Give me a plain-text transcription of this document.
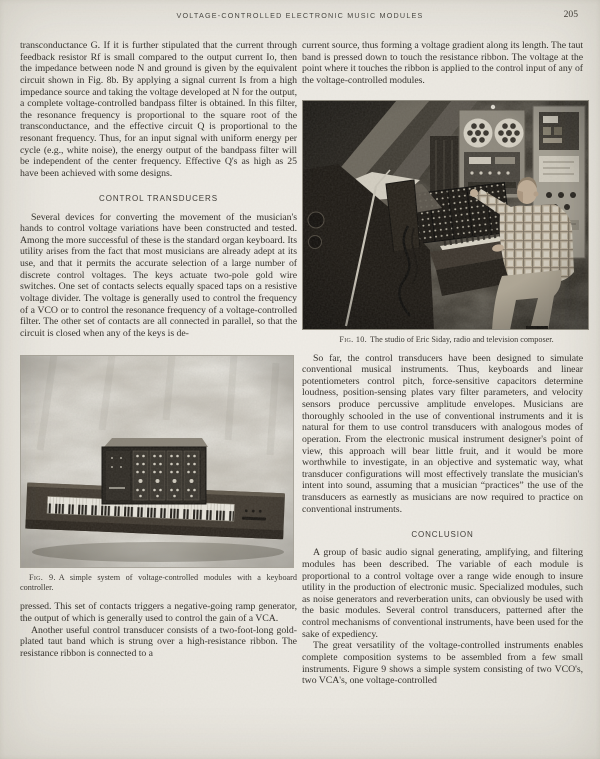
VOLTAGE-CONTROLLED ELECTRONIC MUSIC MODULES	205

transconductance G. If it is further stipulated that the current through feedback resistor Rf is small compared to the output current Io, then the impedance between node N and ground is given by the equivalent circuit shown in Fig. 8b. By applying a signal current Is from a high impedance source and taking the voltage developed at N for the output, a complete voltage-controlled bandpass filter is obtained. In this filter, the resonance frequency is proportional to the square root of the transconductance, and the effective circuit Q is proportional to the resonant frequency. Thus, for an input signal with uniform energy per cycle (e.g., white noise), the energy output of the bandpass filter will be independent of the center frequency. Effective Q's as high as 25 have been achieved with some designs.

CONTROL TRANSDUCERS

Several devices for converting the movement of the musician's hands to control voltage variations have been constructed and tested. Among the more successful of these is the standard organ keyboard. Its utility arises from the fact that most musicians are already adept at its use, and that it permits the accurate selection of a large number of discrete control voltages. The keys actuate two-pole gold wire switches. One set of contacts selects equally spaced taps on a resistive voltage divider. The voltage is generally used to control the frequency of a VCO or to control the resonance frequency of a voltage-controlled filter. The other set of contacts are all connected in parallel, so that the circuit is closed when any of the keys is de-

Fig. 9. A simple system of voltage-controlled modules with a keyboard controller.

pressed. This set of contacts triggers a negative-going ramp generator, the output of which is generally used to control the gain of a VCA.

Another useful control transducer consists of a two-foot-long gold-plated taut band which is strung over a high-resistance ribbon. The resistance ribbon is connected to a

current source, thus forming a voltage gradient along its length. The taut band is pressed down to touch the resistance ribbon. The voltage at the point where it touches the ribbon is applied to the control input of any of the voltage-controlled modules.

Fig. 10. The studio of Eric Siday, radio and television composer.

So far, the control transducers have been designed to simulate conventional musical instruments. Thus, keyboards and linear potentiometers control pitch, force-sensitive capacitors determine loudness, position-sensing plates vary filter parameters, and velocity sensors produce percussive amplitude envelopes. Musicians are thoroughly schooled in the use of conventional instruments and it is natural for them to use control transducers with analogous modes of operation. From the electronic musical instrument designer's point of view, this approach will bear little fruit, and it would be more worthwhile to investigate, in an objective and systematic way, what transducer configurations will most effectively translate the musician's intent into sound, assuming that a musician “practices” the use of the transducers as earnestly as musicians are now required to practice on conventional instruments.

CONCLUSION

A group of basic audio signal generating, amplifying, and filtering modules has been described. The variable of each module is proportional to a control voltage over a range wide enough to insure utility in the production of electronic music. Specialized modules, such as noise generators and reverberation units, can obviously be used with the basic modules. Several control transducers, patterned after the control mechanisms of conventional instruments, have been used for the sake of expediency.

The great versatility of the voltage-controlled instruments enables complete composition systems to be assembled from a few small instruments. Figure 9 shows a simple system consisting of two VCO's, two VCA's, one voltage-controlled
